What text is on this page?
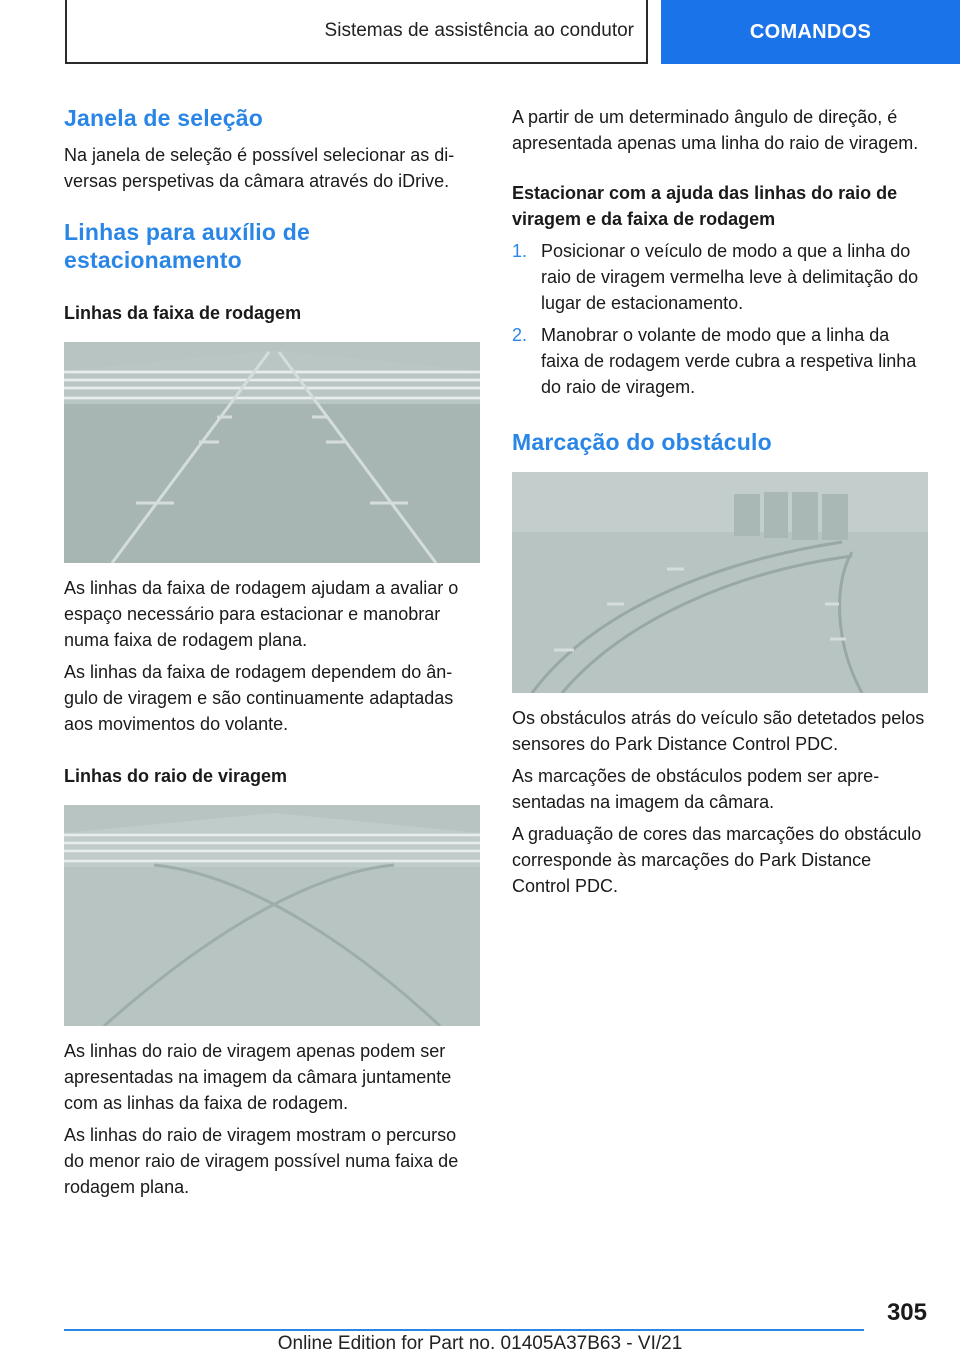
Sistemas de assistência ao condutor	COMANDOS
Janela de seleção

Na janela de seleção é possível selecionar as diversas perspetivas da câmara através do iDrive.

Linhas para auxílio de estacionamento
Linhas da faixa de rodagem

As linhas da faixa de rodagem ajudam a avaliar o espaço necessário para estacionar e manobrar numa faixa de rodagem plana.

As linhas da faixa de rodagem dependem do ângulo de viragem e são continuamente adaptadas aos movimentos do volante.

Linhas do raio de viragem

As linhas do raio de viragem apenas podem ser apresentadas na imagem da câmara juntamente com as linhas da faixa de rodagem.

As linhas do raio de viragem mostram o percurso do menor raio de viragem possível numa faixa de rodagem plana.

A partir de um determinado ângulo de direção, é apresentada apenas uma linha do raio de viragem.

Estacionar com a ajuda das linhas do raio de viragem e da faixa de rodagem
1. Posicionar o veículo de modo a que a linha do raio de viragem vermelha leve à delimitação do lugar de estacionamento.
2. Manobrar o volante de modo que a linha da faixa de rodagem verde cubra a respetiva linha do raio de viragem.
Marcação do obstáculo

Os obstáculos atrás do veículo são detetados pelos sensores do Park Distance Control PDC.

As marcações de obstáculos podem ser apresentadas na imagem da câmara.

A graduação de cores das marcações do obstáculo corresponde às marcações do Park Distance Control PDC.

305
Online Edition for Part no. 01405A37B63 - VI/21
